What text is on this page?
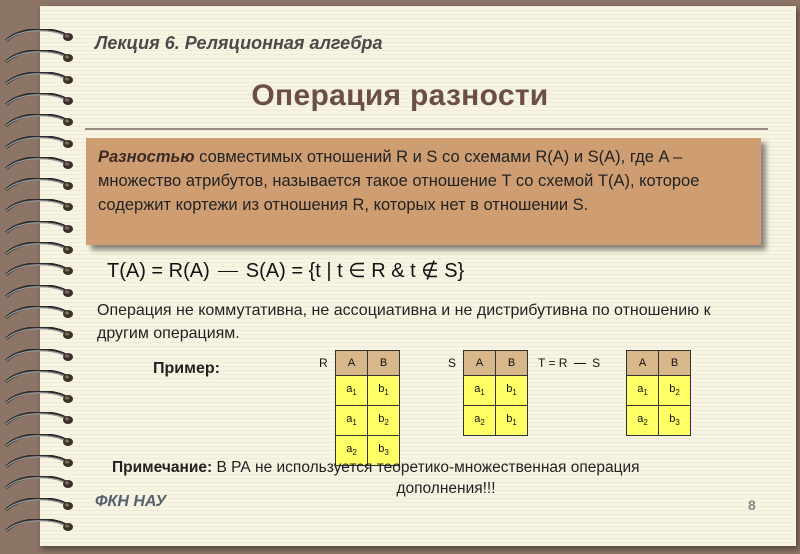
Лекция 6. Реляционная алгебра
Операция разности
Разностью совместимых отношений R и S со схемами R(A) и S(A), где A – множество атрибутов, называется такое отношение T со схемой T(A), которое содержит кортежи из отношения R, которых нет в отношении S.
T(A) = R(A) S(A) = {t | t ∈ R & t ∉ S}
Операция не коммутативна, не ассоциативна и не дистрибутивна по отношению к другим операциям.
Пример:	R A	B
$a_1$	$b_1$
$a_1$	$b_2$
$a_2$	$b_3$
S A	B
$a_1$	$b_1$
$a_2$	$b_1$
T = R  S	A	B
$a_1$	$b_2$
$a_2$	$b_3$
Примечание: В РА не используется теоретико-множественная операция
дополнения!!!
ФКН НАУ	8
